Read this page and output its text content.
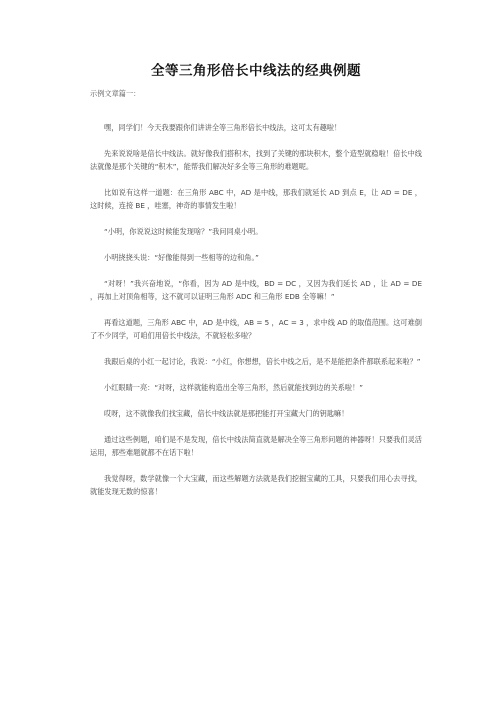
全等三角形倍长中线法的经典例题
示例文章篇一：

嘿，同学们！今天我要跟你们讲讲全等三角形倍长中线法，这可太有趣啦！

先来说说啥是倍长中线法。就好像我们搭积木，找到了关键的那块积木，整个造型就稳啦！倍长中线法就像是那个关键的“积木”，能帮我们解决好多全等三角形的难题呢。

比如说有这样一道题：在三角形 ABC 中，AD 是中线，那我们就延长 AD 到点 E，让 AD = DE ，这时候，连接 BE ，哇塞，神奇的事情发生啦！

“小明，你说说这时候能发现啥？”我问同桌小明。

小明挠挠头说：“好像能得到一些相等的边和角。”

“对呀！”我兴奋地说，“你看，因为 AD 是中线，BD = DC ，又因为我们延长 AD ，让 AD = DE ，再加上对顶角相等，这不就可以证明三角形 ADC 和三角形 EDB 全等嘛！”

再看这道题，三角形 ABC 中，AD 是中线，AB = 5 ，AC = 3 ，求中线 AD 的取值范围。这可难倒了不少同学，可咱们用倍长中线法，不就轻松多啦？

我跟后桌的小红一起讨论，我说：“小红，你想想，倍长中线之后，是不是能把条件都联系起来啦？”

小红眼睛一亮：“对呀，这样就能构造出全等三角形，然后就能找到边的关系啦！”

哎呀，这不就像我们找宝藏，倍长中线法就是那把能打开宝藏大门的钥匙嘛！

通过这些例题，咱们是不是发现，倍长中线法简直就是解决全等三角形问题的神器呀！只要我们灵活运用，那些难题就都不在话下啦！

我觉得呀，数学就像一个大宝藏，而这些解题方法就是我们挖掘宝藏的工具，只要我们用心去寻找，就能发现无数的惊喜！
